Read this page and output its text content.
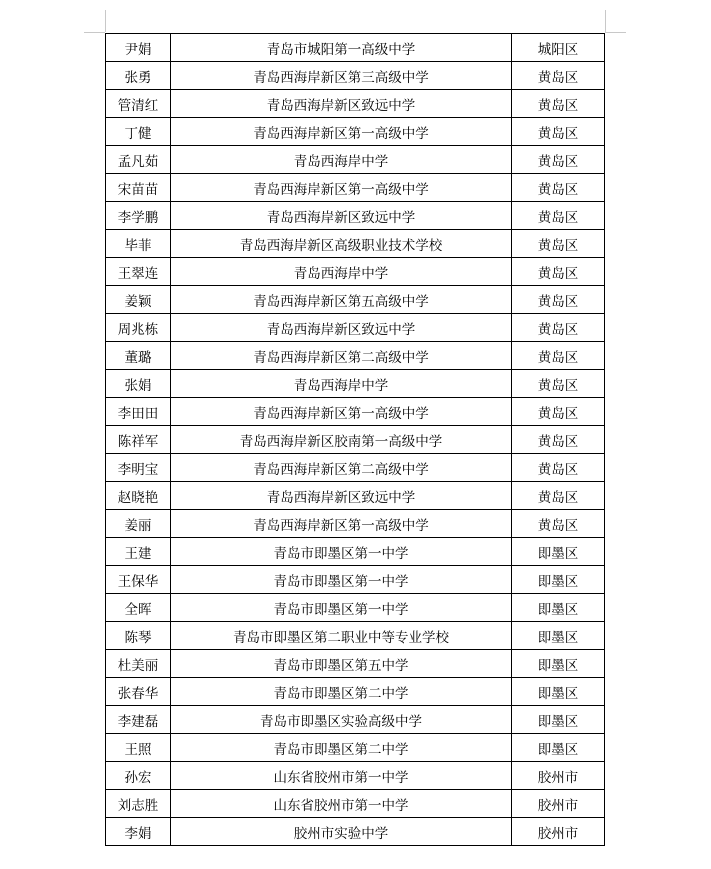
尹娟	青岛市城阳第一高级中学	城阳区
张勇	青岛西海岸新区第三高级中学	黄岛区
管清红	青岛西海岸新区致远中学	黄岛区
丁健	青岛西海岸新区第一高级中学	黄岛区
孟凡茹	青岛西海岸中学	黄岛区
宋苗苗	青岛西海岸新区第一高级中学	黄岛区
李学鹏	青岛西海岸新区致远中学	黄岛区
毕菲	青岛西海岸新区高级职业技术学校	黄岛区
王翠连	青岛西海岸中学	黄岛区
姜颖	青岛西海岸新区第五高级中学	黄岛区
周兆栋	青岛西海岸新区致远中学	黄岛区
董璐	青岛西海岸新区第二高级中学	黄岛区
张娟	青岛西海岸中学	黄岛区
李田田	青岛西海岸新区第一高级中学	黄岛区
陈祥军	青岛西海岸新区胶南第一高级中学	黄岛区
李明宝	青岛西海岸新区第二高级中学	黄岛区
赵晓艳	青岛西海岸新区致远中学	黄岛区
姜丽	青岛西海岸新区第一高级中学	黄岛区
王建	青岛市即墨区第一中学	即墨区
王保华	青岛市即墨区第一中学	即墨区
全晖	青岛市即墨区第一中学	即墨区
陈琴	青岛市即墨区第二职业中等专业学校	即墨区
杜美丽	青岛市即墨区第五中学	即墨区
张春华	青岛市即墨区第二中学	即墨区
李建磊	青岛市即墨区实验高级中学	即墨区
王照	青岛市即墨区第二中学	即墨区
孙宏	山东省胶州市第一中学	胶州市
刘志胜	山东省胶州市第一中学	胶州市
李娟	胶州市实验中学	胶州市
